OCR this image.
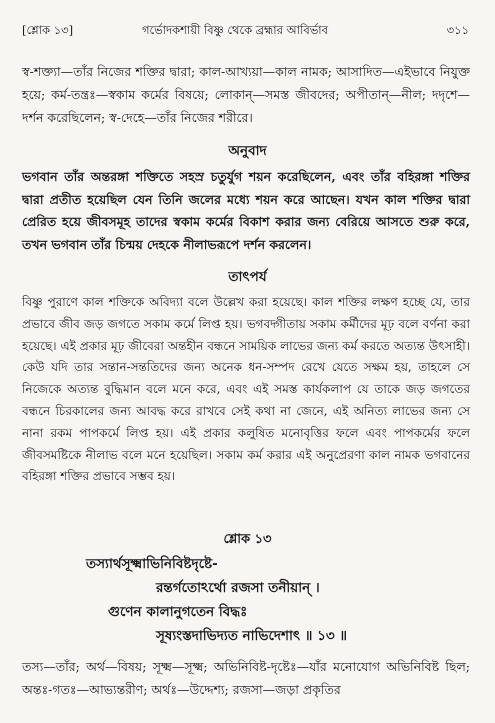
[শ্লোক ১৩]	গর্ভোদকশায়ী বিষ্ণু থেকে ব্রহ্মার আবির্ভাব	৩১১
স্ব-শক্ত্যা—তাঁর নিজের শক্তির দ্বারা; কাল-আখ্যয়া—কাল নামক; আসাদিত—এইভাবে নিযুক্ত হয়ে; কর্ম-তন্ত্রঃ—স্বকাম কর্মের বিষয়ে; লোকান্—সমস্ত জীবদের; অপীতান্—নীল; দদৃশে—দর্শন করেছিলেন; স্ব-দেহে—তাঁর নিজের শরীরে।
অনুবাদ
ভগবান তাঁর অন্তরঙ্গা শক্তিতে সহস্র চতুর্যুগ শয়ন করেছিলেন, এবং তাঁর বহিরঙ্গা শক্তির দ্বারা প্রতীত হয়েছিল যেন তিনি জলের মধ্যে শয়ন করে আছেন। যখন কাল শক্তির দ্বারা প্রেরিত হয়ে জীবসমূহ তাদের স্বকাম কর্মের বিকাশ করার জন্য বেরিয়ে আসতে শুরু করে, তখন ভগবান তাঁর চিন্ময় দেহকে নীলাভরূপে দর্শন করলেন।
তাৎপর্য
বিষ্ণু পুরাণে কাল শক্তিকে অবিদ্যা বলে উল্লেখ করা হয়েছে। কাল শক্তির লক্ষণ হচ্ছে যে, তার প্রভাবে জীব জড় জগতে সকাম কর্মে লিপ্ত হয়। ভগবদ্গীতায় সকাম কর্মীদের মূঢ় বলে বর্ণনা করা হয়েছে। এই প্রকার মূঢ় জীবেরা অন্তহীন বন্ধনে সাময়িক লাভের জন্য কর্ম করতে অত্যন্ত উৎসাহী। কেউ যদি তার সন্তান-সন্ততিদের জন্য অনেক ধন-সম্পদ রেখে যেতে সক্ষম হয়, তাহলে সে নিজেকে অত্যন্ত বুদ্ধিমান বলে মনে করে, এবং এই সমস্ত কার্যকলাপ যে তাকে জড় জগতের বন্ধনে চিরকালের জন্য আবদ্ধ করে রাখবে সেই কথা না জেনে, এই অনিত্য লাভের জন্য সে নানা রকম পাপকর্মে লিপ্ত হয়। এই প্রকার কলুষিত মনোবৃত্তির ফলে এবং পাপকর্মের ফলে জীবসমষ্টিকে নীলাভ বলে মনে হয়েছিল। সকাম কর্ম করার এই অনুপ্রেরণা কাল নামক ভগবানের বহিরঙ্গা শক্তির প্রভাবে সম্ভব হয়।
শ্লোক ১৩
তস্যার্থসূক্ষ্মাভিনিবিষ্টদৃষ্টে-
রন্তর্গতোঽর্থো রজসা তনীয়ান্ ।
গুণেন কালানুগতেন বিদ্ধঃ
সূষ্যংস্তদাভিদ্যত নাভিদেশাৎ ॥ ১৩ ॥
তস্য—তাঁর; অর্থ—বিষয়; সূক্ষ্ম—সূক্ষ্ম; অভিনিবিষ্ট-দৃষ্টেঃ—যাঁর মনোযোগ অভিনিবিষ্ট ছিল; অন্তঃ-গতঃ—আভ্যন্তরীণ; অর্থঃ—উদ্দেশ্য; রজসা—জড়া প্রকৃতির
